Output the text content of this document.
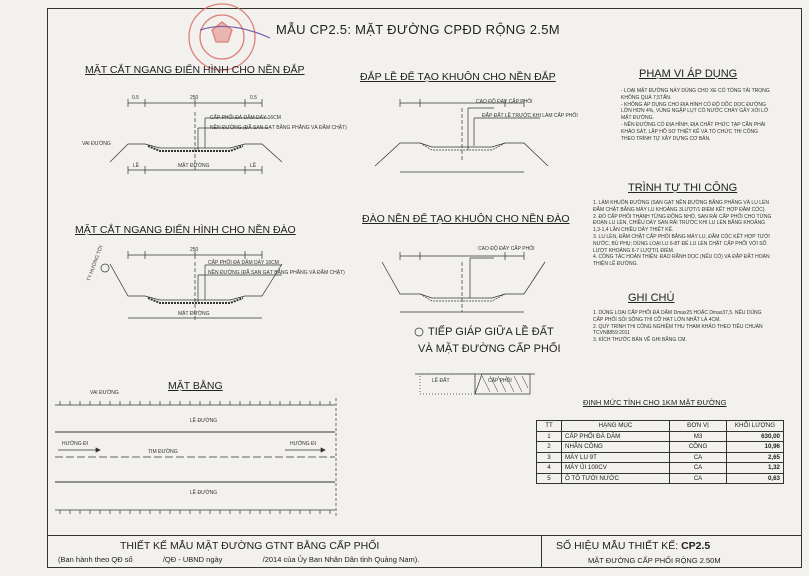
MẪU CP2.5: MẶT ĐƯỜNG CPĐD RỘNG 2.5M
MẶT CẮT NGANG ĐIỂN HÌNH CHO NỀN ĐẮP
CẤP PHỐI ĐÁ DĂM DÀY 16CM
NỀN ĐƯỜNG (ĐÃ SAN GẠT BẰNG PHẲNG VÀ ĐẦM CHẶT)
VAI ĐƯỜNG
LỀ	MẶT ĐƯỜNG	LỀ
0.5	250	0.5
ĐẮP LỀ ĐỂ TẠO KHUÔN CHO NỀN ĐẮP
CAO ĐỘ ĐÁY CẤP PHỐI
ĐẮP ĐẤT LỀ TRƯỚC KHI LÀM CẤP PHỐI
MẶT CẮT NGANG ĐIỂN HÌNH CHO NỀN ĐÀO
CẤP PHỐI ĐÁ DĂM DÀY 16CM
NỀN ĐƯỜNG (ĐÃ SAN GẠT BẰNG PHẲNG VÀ ĐẦM CHẶT)
MẶT ĐƯỜNG
TY HƯỚNG TỚI	250
ĐÀO NỀN ĐỂ TẠO KHUÔN CHO NỀN ĐÀO
CAO ĐỘ ĐÁY CẤP PHỐI
TIẾP GIÁP GIỮA LỀ ĐẤT
VÀ MẶT ĐƯỜNG CẤP PHỐI
LỀ ĐẤT	CẤP PHỐI
MẶT BẰNG
VAI ĐƯỜNG
LỀ ĐƯỜNG
HƯỚNG ĐI
TIM ĐƯỜNG
HƯỚNG ĐI
LỀ ĐƯỜNG
PHẠM VI ÁP DỤNG
- LOẠI MẶT ĐƯỜNG NÀY DÙNG CHO XE CÓ TỔNG TẢI TRỌNG
KHÔNG QUÁ 7,5TẤN.
- KHÔNG ÁP DỤNG CHO ĐỊA HÌNH CÓ ĐỘ DỐC DỌC ĐƯỜNG
LỚN HƠN 4%, VÙNG NGẬP LỤT CÓ NƯỚC CHẢY GÂY XÓI LỞ
MẶT ĐƯỜNG.
- NỀN ĐƯỜNG CÓ ĐỊA HÌNH, ĐỊA CHẤT PHỨC TẠP CẦN PHẢI
KHẢO SÁT, LẬP HỒ SƠ THIẾT KẾ VÀ TỔ CHỨC THI CÔNG
THEO TRÌNH TỰ XÂY DỰNG CƠ BẢN.
TRÌNH TỰ THI CÔNG
1. LÀM KHUÔN ĐƯỜNG (SAN GẠT NỀN ĐƯỜNG BẰNG PHẲNG VÀ LU LÈN
ĐẦM CHẶT BẰNG MÁY LU KHOẢNG 3LƯỢT/1 ĐIỂM KẾT HỢP ĐẦM CÓC).
2. ĐỔ CẤP PHỐI THÀNH TỪNG ĐỐNG NHỎ, SAN RẢI CẤP PHỐI CHO TỪNG
ĐOẠN LU LÈN, CHIỀU DÀY SAN RẢI TRƯỚC KHI LU LÈN BẰNG KHOẢNG
1,3-1,4 LẦN CHIỀU DÀY THIẾT KẾ.
3. LU LÈN, ĐẦM CHẶT CẤP PHỐI BẰNG MÁY LU, ĐẦM CÓC KẾT HỢP TƯỚI
NƯỚC, BÙ PHỤ; DÙNG LOẠI LU 6-8T ĐỂ LU LÈN CHẶT CẤP PHỐI VỚI SỐ
LƯỢT KHOẢNG 6-7 LƯỢT/1 ĐIỂM.
4. CÔNG TÁC HOÀN THIỆN: ĐÀO RÃNH DỌC (NẾU CÓ) VÀ ĐẮP ĐẤT HOÀN
THIỆN LỀ ĐƯỜNG.
GHI CHÚ
1. DÙNG LOẠI CẤP PHỐI ĐÁ DĂM Dmax25 HOẶC Dmax37,5. NẾU DÙNG
CẤP PHỐI SỎI SÔNG THÌ CỠ HẠT LỚN NHẤT LÀ 4CM.
2. QUY TRÌNH THI CÔNG NGHIỆM THU THAM KHẢO THEO TIÊU CHUẨN
TCVN8859:2011
3. KÍCH THƯỚC BẢN VẼ GHI BẰNG CM.
ĐỊNH MỨC TÍNH CHO 1KM MẶT ĐƯỜNG
TT	HẠNG MỤC	ĐƠN VỊ	KHỐI LƯỢNG
1	CẤP PHỐI ĐÁ DĂM	M3	630,00
2	NHÂN CÔNG	CÔNG	10,96
3	MÁY LU 9T	CA	2,65
4	MÁY ỦI 100CV	CA	1,32
5	Ô TÔ TƯỚI NƯỚC	CA	0,63
THIẾT KẾ MẪU MẶT ĐƯỜNG GTNT BẰNG CẤP PHỐI
(Ban hành theo QĐ số	/QĐ - UBND ngày	/2014 của Ủy Ban Nhân Dân tỉnh Quảng Nam).
SỐ HIỆU MẪU THIẾT KẾ: CP2.5
MẶT ĐƯỜNG CẤP PHỐI RỘNG 2.50M
